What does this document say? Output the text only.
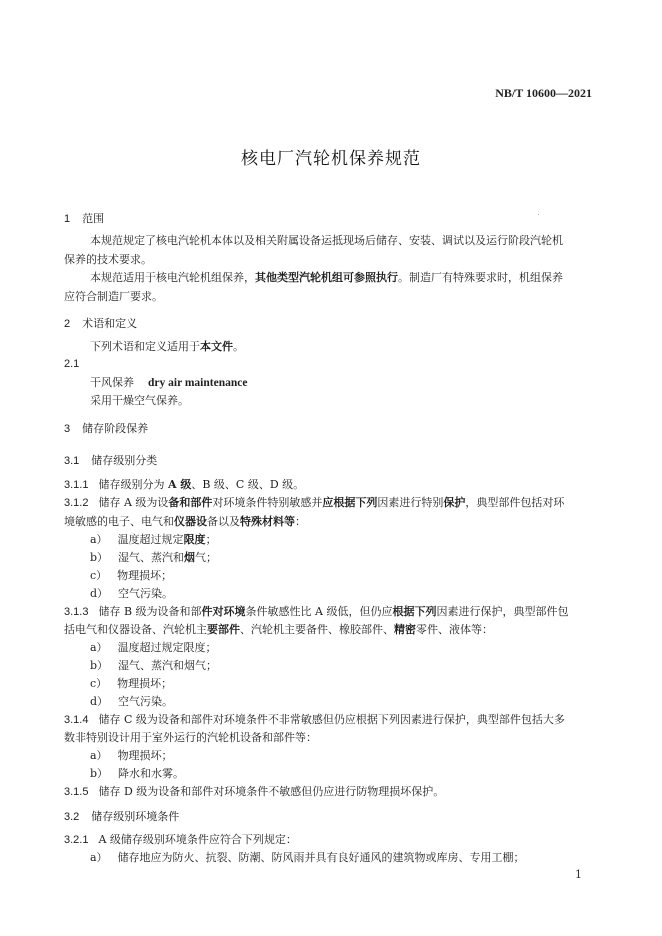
NB/T 10600—2021
核电厂汽轮机保养规范
1 范围
本规范规定了核电汽轮机本体以及相关附属设备运抵现场后储存、安装、调试以及运行阶段汽轮机
保养的技术要求。
本规范适用于核电汽轮机组保养，其他类型汽轮机组可参照执行。制造厂有特殊要求时，机组保养
应符合制造厂要求。
2 术语和定义
下列术语和定义适用于本文件。
2.1
干风保养 dry air maintenance
采用干燥空气保养。
3 储存阶段保养
3.1 储存级别分类
3.1.1 储存级别分为 A 级、B 级、C 级、D 级。
3.1.2 储存 A 级为设备和部件对环境条件特别敏感并应根据下列因素进行特别保护，典型部件包括对环
境敏感的电子、电气和仪器设备以及特殊材料等：
a） 温度超过规定限度；
b） 湿气、蒸汽和烟气；
c） 物理损坏；
d） 空气污染。
3.1.3 储存 B 级为设备和部件对环境条件敏感性比 A 级低，但仍应根据下列因素进行保护，典型部件包
括电气和仪器设备、汽轮机主要部件、汽轮机主要备件、橡胶部件、精密零件、液体等：
a） 温度超过规定限度；
b） 湿气、蒸汽和烟气；
c） 物理损坏；
d） 空气污染。
3.1.4 储存 C 级为设备和部件对环境条件不非常敏感但仍应根据下列因素进行保护，典型部件包括大多
数非特别设计用于室外运行的汽轮机设备和部件等：
a） 物理损坏；
b） 降水和水雾。
3.1.5 储存 D 级为设备和部件对环境条件不敏感但仍应进行防物理损坏保护。
3.2 储存级别环境条件
3.2.1 A 级储存级别环境条件应符合下列规定：
a） 储存地应为防火、抗裂、防潮、防风雨并具有良好通风的建筑物或库房、专用工棚；
1
